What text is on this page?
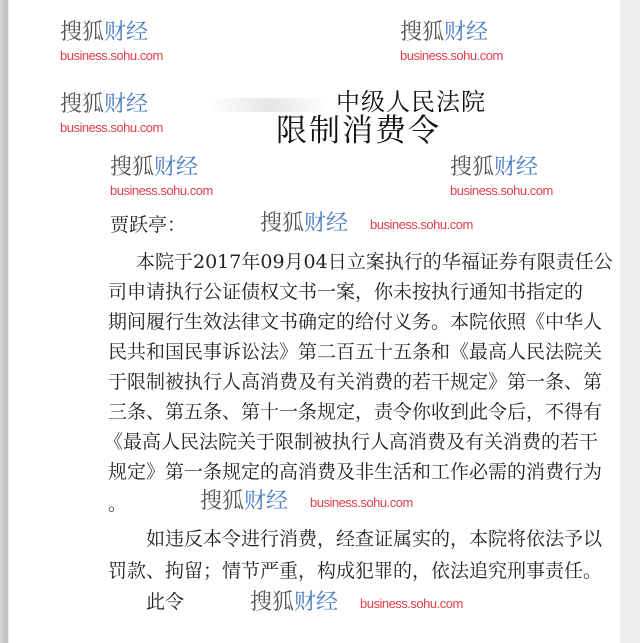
中级人民法院
限制消费令
贾跃亭：
本院于2017年09月04日立案执行的华福证券有限责任公
司申请执行公证债权文书一案，你未按执行通知书指定的
期间履行生效法律文书确定的给付义务。本院依照《中华人
民共和国民事诉讼法》第二百五十五条和《最高人民法院关
于限制被执行人高消费及有关消费的若干规定》第一条、第
三条、第五条、第十一条规定，责令你收到此令后，不得有
《最高人民法院关于限制被执行人高消费及有关消费的若干
规定》第一条规定的高消费及非生活和工作必需的消费行为
。
如违反本令进行消费，经查证属实的，本院将依法予以
罚款、拘留；情节严重，构成犯罪的，依法追究刑事责任。
此令
搜狐财经
business.sohu.com
搜狐财经
business.sohu.com
搜狐财经
business.sohu.com
搜狐财经
business.sohu.com
搜狐财经
business.sohu.com
搜狐财经 business.sohu.com
搜狐财经 business.sohu.com
搜狐财经 business.sohu.com
